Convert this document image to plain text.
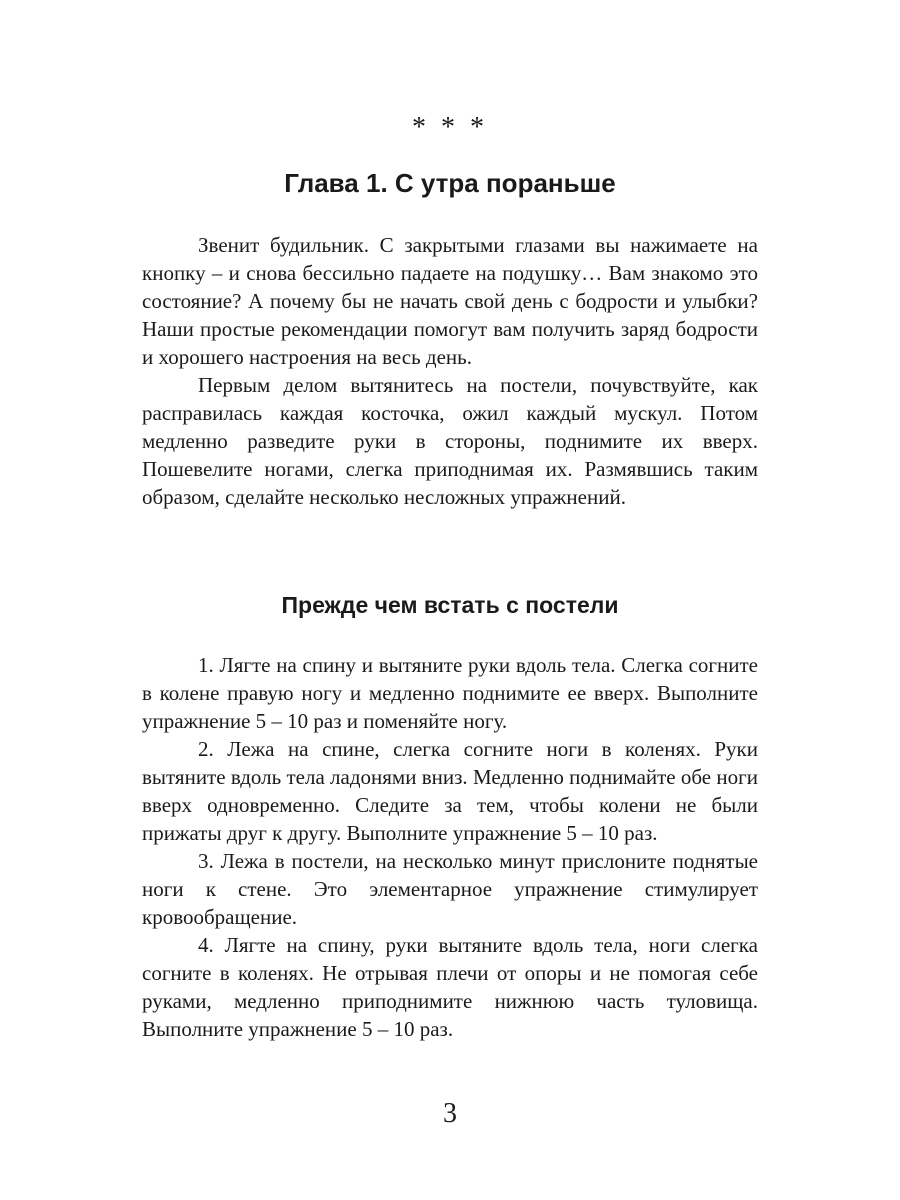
* * *
Глава 1. С утра пораньше

Звенит будильник. С закрытыми глазами вы нажимаете на кнопку – и снова бессильно падаете на подушку… Вам знакомо это состояние? А почему бы не начать свой день с бодрости и улыбки? Наши простые рекомендации помогут вам получить заряд бодрости и хорошего настроения на весь день.

Первым делом вытянитесь на постели, почувствуйте, как расправилась каждая косточка, ожил каждый мускул. Потом медленно разведите руки в стороны, поднимите их вверх. Пошевелите ногами, слегка приподнимая их. Размявшись таким образом, сделайте несколько несложных упражнений.

Прежде чем встать с постели

1. Лягте на спину и вытяните руки вдоль тела. Слегка согните в колене правую ногу и медленно поднимите ее вверх. Выполните упражнение 5 – 10 раз и поменяйте ногу.

2. Лежа на спине, слегка согните ноги в коленях. Руки вытяните вдоль тела ладонями вниз. Медленно поднимайте обе ноги вверх одновременно. Следите за тем, чтобы колени не были прижаты друг к другу. Выполните упражнение 5 – 10 раз.

3. Лежа в постели, на несколько минут прислоните поднятые ноги к стене. Это элементарное упражнение стимулирует кровообращение.

4. Лягте на спину, руки вытяните вдоль тела, ноги слегка согните в коленях. Не отрывая плечи от опоры и не помогая себе руками, медленно приподнимите нижнюю часть туловища. Выполните упражнение 5 – 10 раз.

3
